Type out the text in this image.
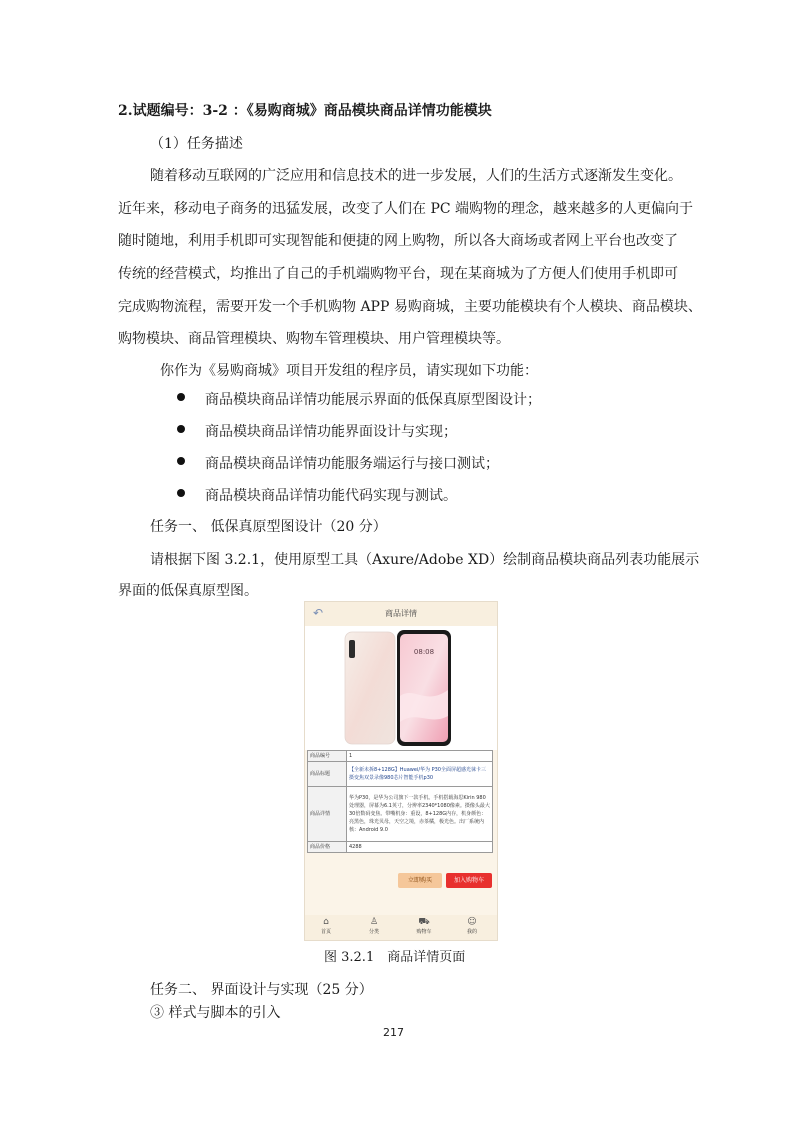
2.试题编号：3-2 ：《易购商城》商品模块商品详情功能模块
（1）任务描述
随着移动互联网的广泛应用和信息技术的进一步发展，人们的生活方式逐渐发生变化。
近年来，移动电子商务的迅猛发展，改变了人们在 PC 端购物的理念，越来越多的人更偏向于
随时随地，利用手机即可实现智能和便捷的网上购物，所以各大商场或者网上平台也改变了
传统的经营模式，均推出了自己的手机端购物平台，现在某商城为了方便人们使用手机即可
完成购物流程，需要开发一个手机购物 APP 易购商城，主要功能模块有个人模块、商品模块、
购物模块、商品管理模块、购物车管理模块、用户管理模块等。
你作为《易购商城》项目开发组的程序员，请实现如下功能：
商品模块商品详情功能展示界面的低保真原型图设计；
商品模块商品详情功能界面设计与实现；
商品模块商品详情功能服务端运行与接口测试；
商品模块商品详情功能代码实现与测试。
任务一、 低保真原型图设计（20 分）
请根据下图 3.2.1，使用原型工具（Axure/Adobe XD）绘制商品模块商品列表功能展示
界面的低保真原型图。
↶	商品详情
08:08
商品编号	1
商品标题	【全新未拆8+128G】Huawei/华为 P30全面屏超感光徕卡三摄变焦双景录像980芯片智能手机p30
商品详情	华为P30，是华为公司旗下一款手机。手机搭载海思Kirin 980处理器，屏幕为6.1英寸，分辨率2340*1080像素。摄像头最大30倍数码变焦。带嘴机身：重设，8+128G内存，机身颜色：亮黑色，珠光贝母，天空之境，赤茶橘，极光色。出厂系统内核：Android 9.0
商品价格	4288
立即购买	加入购物车
⌂
首页
♙
分类
⛟
购物车
☺
我的
图 3.2.1　商品详情页面
任务二、 界面设计与实现（25 分）
③ 样式与脚本的引入
217
